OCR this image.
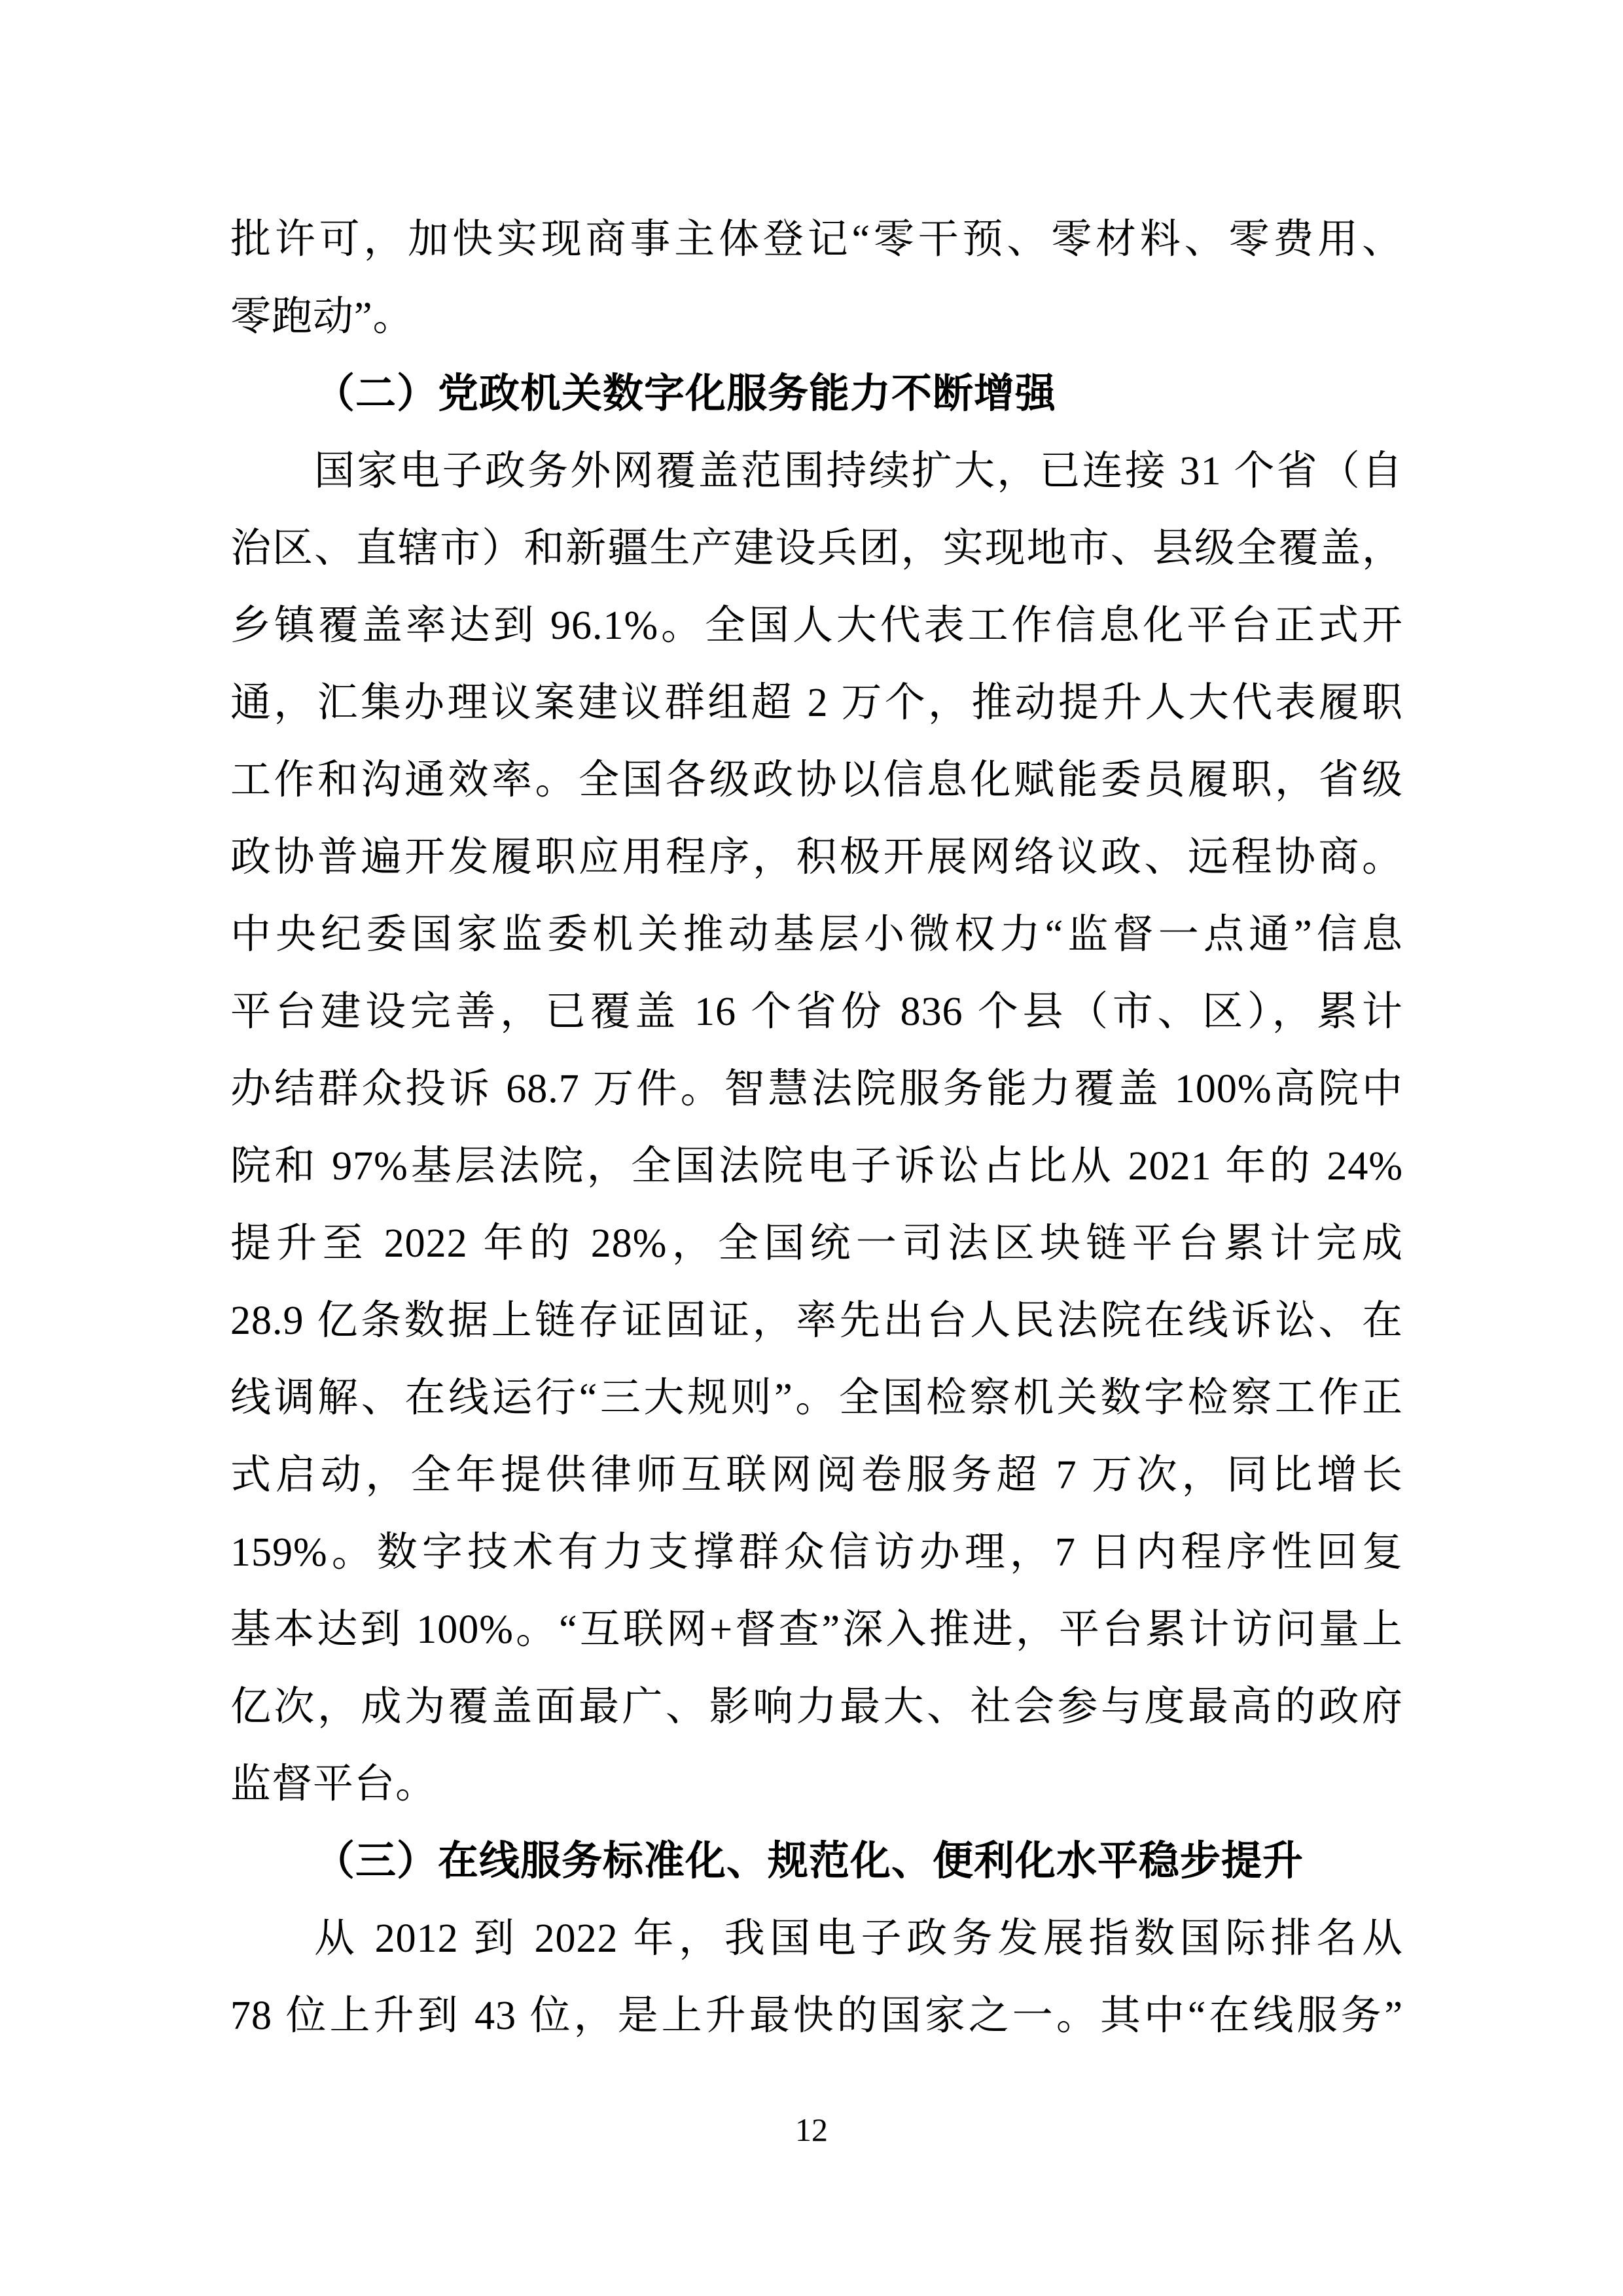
批许可，加快实现商事主体登记“零干预、零材料、零费用、
零跑动”。
（二）党政机关数字化服务能力不断增强
国家电子政务外网覆盖范围持续扩大，已连接 31 个省（自
治区、直辖市）和新疆生产建设兵团，实现地市、县级全覆盖，
乡镇覆盖率达到 96.1%。全国人大代表工作信息化平台正式开
通，汇集办理议案建议群组超 2 万个，推动提升人大代表履职
工作和沟通效率。全国各级政协以信息化赋能委员履职，省级
政协普遍开发履职应用程序，积极开展网络议政、远程协商。
中央纪委国家监委机关推动基层小微权力“监督一点通”信息
平台建设完善，已覆盖 16 个省份 836 个县（市、区），累计
办结群众投诉 68.7 万件。智慧法院服务能力覆盖 100%高院中
院和 97%基层法院，全国法院电子诉讼占比从 2021 年的 24%
提升至 2022 年的 28%，全国统一司法区块链平台累计完成
28.9 亿条数据上链存证固证，率先出台人民法院在线诉讼、在
线调解、在线运行“三大规则”。全国检察机关数字检察工作正
式启动，全年提供律师互联网阅卷服务超 7 万次，同比增长
159%。数字技术有力支撑群众信访办理，7 日内程序性回复
基本达到 100%。“互联网+督查”深入推进，平台累计访问量上
亿次，成为覆盖面最广、影响力最大、社会参与度最高的政府
监督平台。
（三）在线服务标准化、规范化、便利化水平稳步提升
从 2012 到 2022 年，我国电子政务发展指数国际排名从
78 位上升到 43 位，是上升最快的国家之一。其中“在线服务”
12
